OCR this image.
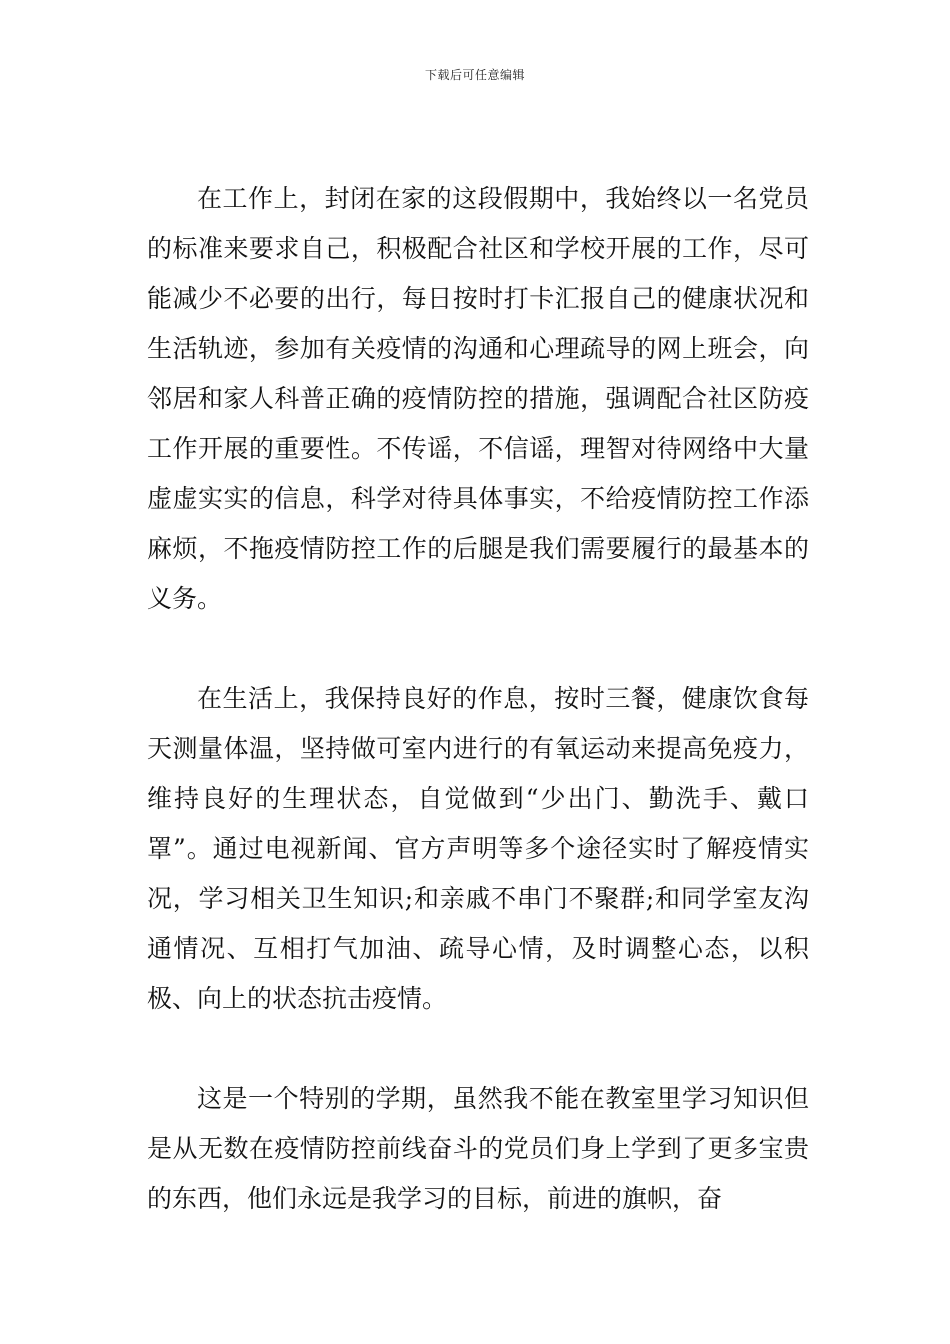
下载后可任意编辑

在工作上，封闭在家的这段假期中，我始终以一名党员的标准来要求自己，积极配合社区和学校开展的工作，尽可能减少不必要的出行，每日按时打卡汇报自己的健康状况和生活轨迹，参加有关疫情的沟通和心理疏导的网上班会，向邻居和家人科普正确的疫情防控的措施，强调配合社区防疫工作开展的重要性。不传谣，不信谣，理智对待网络中大量虚虚实实的信息，科学对待具体事实，不给疫情防控工作添麻烦，不拖疫情防控工作的后腿是我们需要履行的最基本的义务。

在生活上，我保持良好的作息，按时三餐，健康饮食每天测量体温，坚持做可室内进行的有氧运动来提高免疫力，维持良好的生理状态，自觉做到“少出门、勤洗手、戴口罩”。通过电视新闻、官方声明等多个途径实时了解疫情实况，学习相关卫生知识;和亲戚不串门不聚群;和同学室友沟通情况、互相打气加油、疏导心情，及时调整心态，以积极、向上的状态抗击疫情。

这是一个特别的学期，虽然我不能在教室里学习知识但是从无数在疫情防控前线奋斗的党员们身上学到了更多宝贵的东西，他们永远是我学习的目标，前进的旗帜，奋
